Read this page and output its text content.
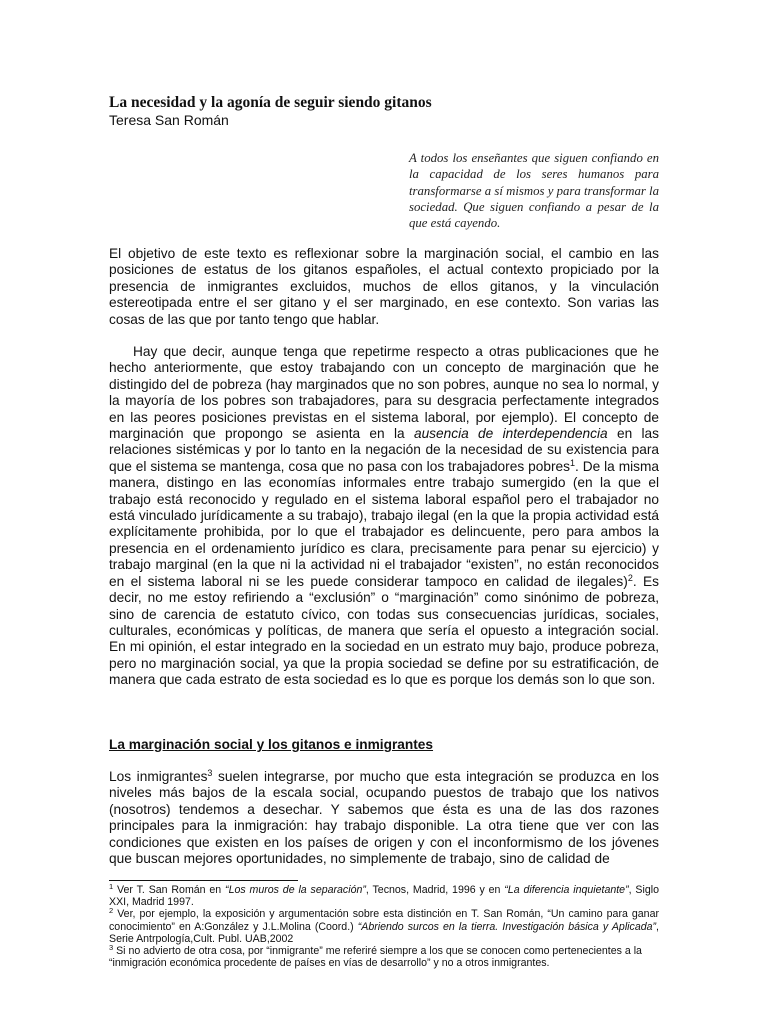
La necesidad y la agonía de seguir siendo gitanos

Teresa San Román

A todos los enseñantes que siguen confiando en la capacidad de los seres humanos para transformarse a sí mismos y para transformar la sociedad. Que siguen confiando a pesar de la que está cayendo.

El objetivo de este texto es reflexionar sobre la marginación social, el cambio en las posiciones de estatus de los gitanos españoles, el actual contexto propiciado por la presencia de inmigrantes excluidos, muchos de ellos gitanos, y la vinculación estereotipada entre el ser gitano y el ser marginado, en ese contexto. Son varias las cosas de las que por tanto tengo que hablar.

Hay que decir, aunque tenga que repetirme respecto a otras publicaciones que he hecho anteriormente, que estoy trabajando con un concepto de marginación que he distingido del de pobreza (hay marginados que no son pobres, aunque no sea lo normal, y la mayoría de los pobres son trabajadores, para su desgracia perfectamente integrados en las peores posiciones previstas en el sistema laboral, por ejemplo). El concepto de marginación que propongo se asienta en la ausencia de interdependencia en las relaciones sistémicas y por lo tanto en la negación de la necesidad de su existencia para que el sistema se mantenga, cosa que no pasa con los trabajadores pobres$^1$. De la misma manera, distingo en las economías informales entre trabajo sumergido (en la que el trabajo está reconocido y regulado en el sistema laboral español pero el trabajador no está vinculado jurídicamente a su trabajo), trabajo ilegal (en la que la propia actividad está explícitamente prohibida, por lo que el trabajador es delincuente, pero para ambos la presencia en el ordenamiento jurídico es clara, precisamente para penar su ejercicio) y trabajo marginal (en la que ni la actividad ni el trabajador “existen”, no están reconocidos en el sistema laboral ni se les puede considerar tampoco en calidad de ilegales)$^2$. Es decir, no me estoy refiriendo a “exclusión” o “marginación” como sinónimo de pobreza, sino de carencia de estatuto cívico, con todas sus consecuencias jurídicas, sociales, culturales, económicas y políticas, de manera que sería el opuesto a integración social. En mi opinión, el estar integrado en la sociedad en un estrato muy bajo, produce pobreza, pero no marginación social, ya que la propia sociedad se define por su estratificación, de manera que cada estrato de esta sociedad es lo que es porque los demás son lo que son.

La marginación social y los gitanos e inmigrantes

Los inmigrantes$^3$ suelen integrarse, por mucho que esta integración se produzca en los niveles más bajos de la escala social, ocupando puestos de trabajo que los nativos (nosotros) tendemos a desechar. Y sabemos que ésta es una de las dos razones principales para la inmigración: hay trabajo disponible. La otra tiene que ver con las condiciones que existen en los países de origen y con el inconformismo de los jóvenes que buscan mejores oportunidades, no simplemente de trabajo, sino de calidad de

$^1$ Ver T. San Román en “Los muros de la separación”, Tecnos, Madrid, 1996 y en “La diferencia inquietante”, Siglo XXI, Madrid 1997.

$^2$ Ver, por ejemplo, la exposición y argumentación sobre esta distinción en T. San Román, “Un camino para ganar conocimiento” en A:González y J.L.Molina (Coord.) “Abriendo surcos en la tierra. Investigación básica y Aplicada”, Serie Antrpología,Cult. Publ. UAB,2002

$^3$ Si no advierto de otra cosa, por “inmigrante” me referiré siempre a los que se conocen como pertenecientes a la “inmigración económica procedente de países en vías de desarrollo” y no a otros inmigrantes.
